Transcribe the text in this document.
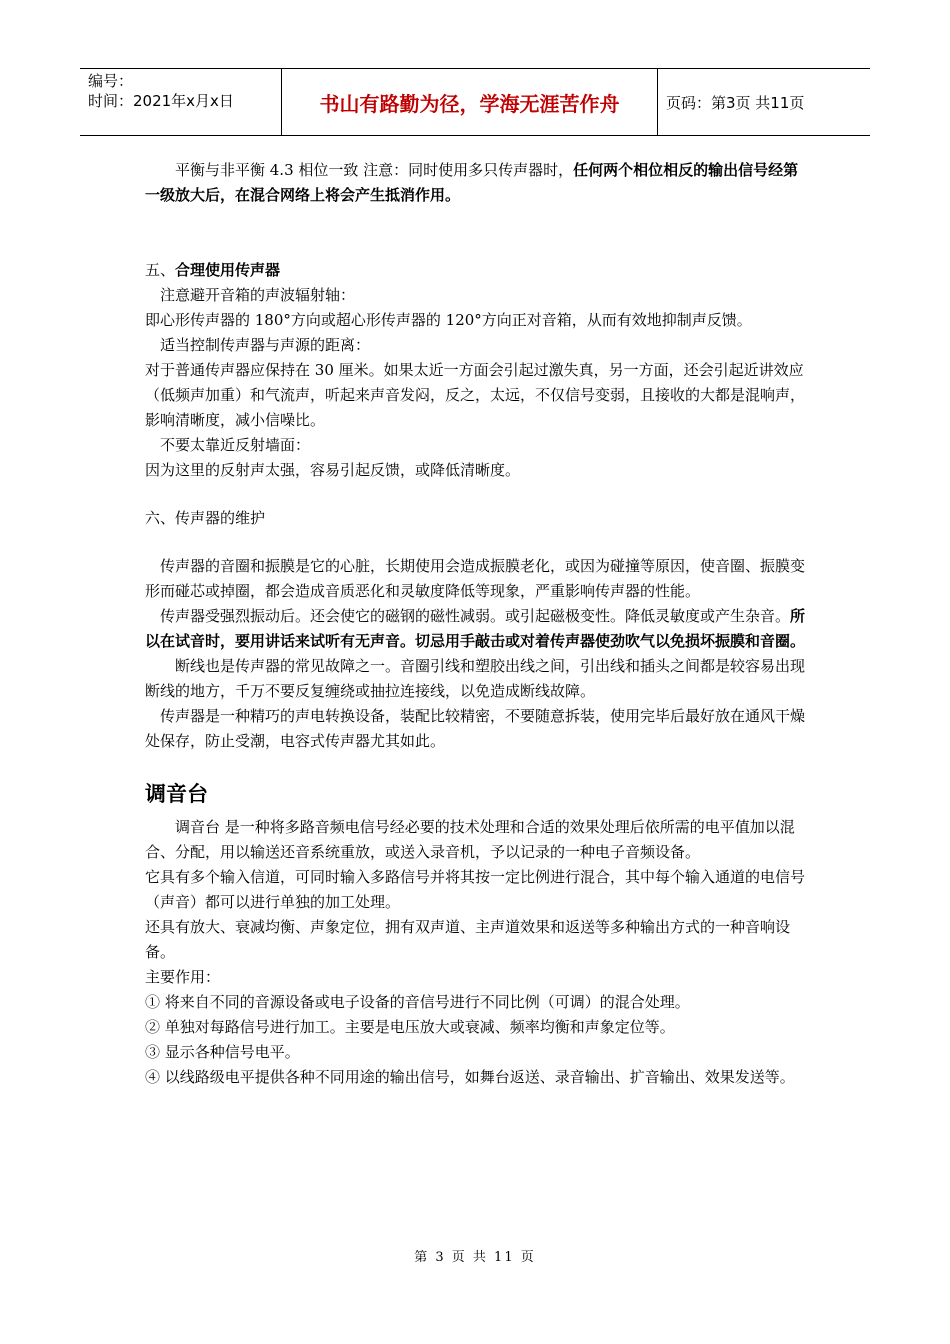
编号：
时间：2021年x月x日	书山有路勤为径，学海无涯苦作舟	页码：第3页 共11页

平衡与非平衡 4.3 相位一致 注意：同时使用多只传声器时，任何两个相位相反的输出信号经第一级放大后，在混合网络上将会产生抵消作用。

五、合理使用传声器

注意避开音箱的声波辐射轴：

即心形传声器的 180°方向或超心形传声器的 120°方向正对音箱，从而有效地抑制声反馈。

适当控制传声器与声源的距离：

对于普通传声器应保持在 30 厘米。如果太近一方面会引起过激失真，另一方面，还会引起近讲效应（低频声加重）和气流声，听起来声音发闷，反之，太远，不仅信号变弱，且接收的大都是混响声，影响清晰度，减小信噪比。

不要太靠近反射墙面：

因为这里的反射声太强，容易引起反馈，或降低清晰度。

六、传声器的维护

传声器的音圈和振膜是它的心脏，长期使用会造成振膜老化，或因为碰撞等原因，使音圈、振膜变形而碰芯或掉圈，都会造成音质恶化和灵敏度降低等现象，严重影响传声器的性能。

传声器受强烈振动后。还会使它的磁钢的磁性减弱。或引起磁极变性。降低灵敏度或产生杂音。所以在试音时，要用讲话来试听有无声音。切忌用手敲击或对着传声器使劲吹气以免损坏振膜和音圈。

断线也是传声器的常见故障之一。音圈引线和塑胶出线之间，引出线和插头之间都是较容易出现断线的地方，千万不要反复缠绕或抽拉连接线，以免造成断线故障。

传声器是一种精巧的声电转换设备，装配比较精密，不要随意拆装，使用完毕后最好放在通风干燥处保存，防止受潮，电容式传声器尤其如此。

调音台

调音台 是一种将多路音频电信号经必要的技术处理和合适的效果处理后依所需的电平值加以混合、分配，用以输送还音系统重放，或送入录音机，予以记录的一种电子音频设备。

它具有多个输入信道，可同时输入多路信号并将其按一定比例进行混合，其中每个输入通道的电信号（声音）都可以进行单独的加工处理。

还具有放大、衰减均衡、声象定位，拥有双声道、主声道效果和返送等多种输出方式的一种音响设备。

主要作用：

① 将来自不同的音源设备或电子设备的音信号进行不同比例（可调）的混合处理。

② 单独对每路信号进行加工。主要是电压放大或衰减、频率均衡和声象定位等。

③ 显示各种信号电平。

④ 以线路级电平提供各种不同用途的输出信号，如舞台返送、录音输出、扩音输出、效果发送等。

第 3 页 共 11 页
